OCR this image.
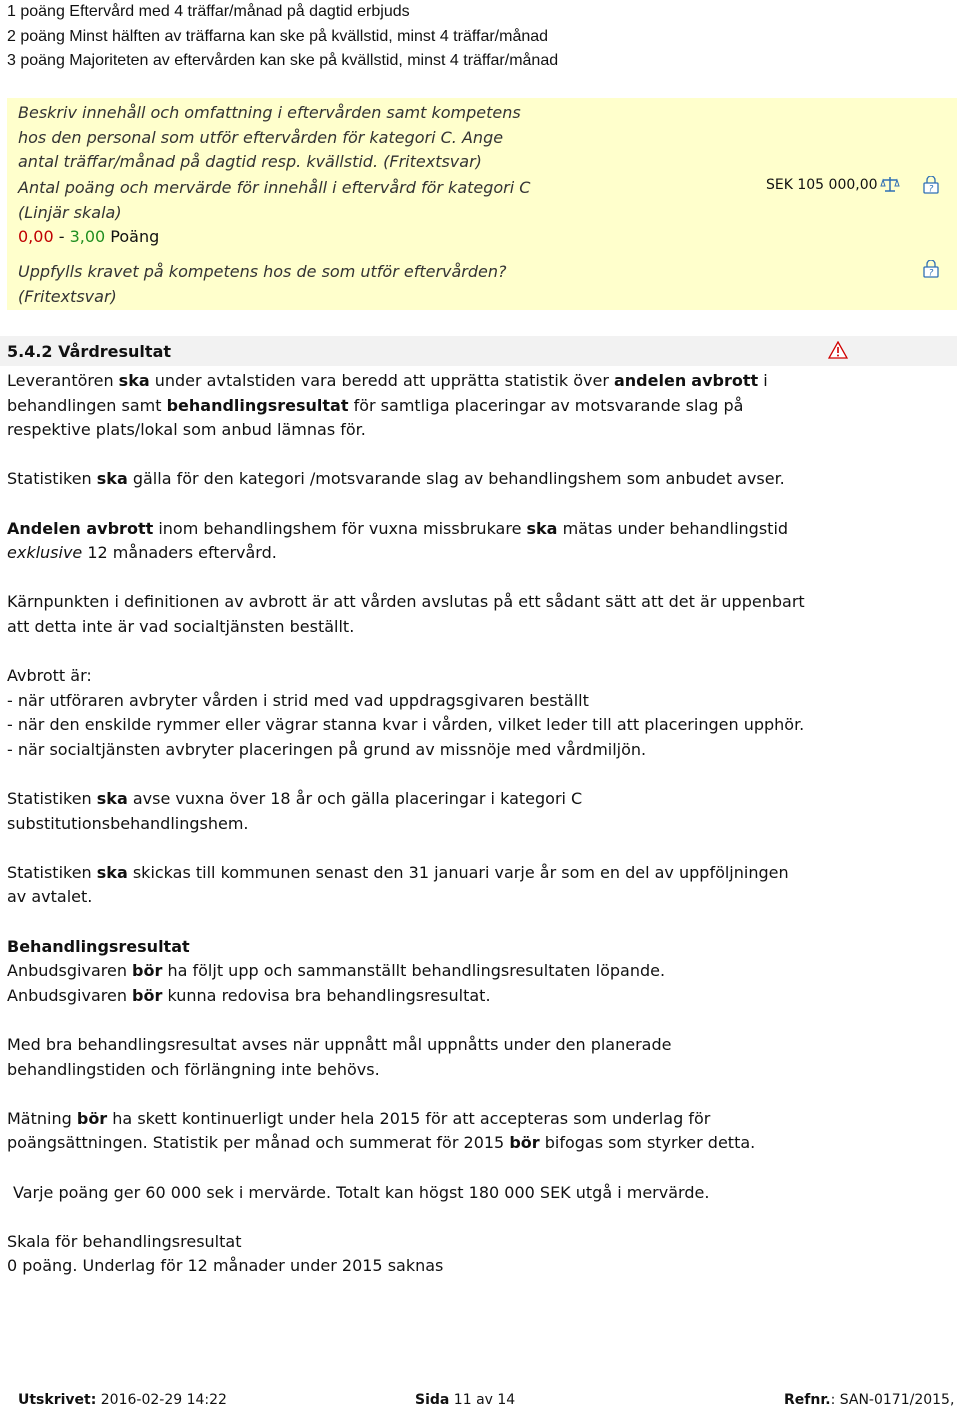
1 poäng Eftervård med 4 träffar/månad på dagtid erbjuds
2 poäng Minst hälften av träffarna kan ske på kvällstid, minst 4 träffar/månad
3 poäng Majoriteten av eftervården kan ske på kvällstid, minst 4 träffar/månad
Beskriv innehåll och omfattning i eftervården samt kompetens
hos den personal som utför eftervården för kategori C. Ange
antal träffar/månad på dagtid resp. kvällstid. (Fritextsvar)
Antal poäng och mervärde för innehåll i eftervård för kategori C
(Linjär skala)
0,00 - 3,00 Poäng
SEK 105 000,00	?
Uppfylls kravet på kompetens hos de som utför eftervården?
(Fritextsvar)
?
5.4.2 Vårdresultat

Leverantören ska under avtalstiden vara beredd att upprätta statistik över andelen avbrott i behandlingen samt behandlingsresultat för samtliga placeringar av motsvarande slag på respektive plats/lokal som anbud lämnas för.

Statistiken ska gälla för den kategori /motsvarande slag av behandlingshem som anbudet avser.

Andelen avbrott inom behandlingshem för vuxna missbrukare ska mätas under behandlingstid exklusive 12 månaders eftervård.

Kärnpunkten i definitionen av avbrott är att vården avslutas på ett sådant sätt att det är uppenbart att detta inte är vad socialtjänsten beställt.

Avbrott är:
- när utföraren avbryter vården i strid med vad uppdragsgivaren beställt
- när den enskilde rymmer eller vägrar stanna kvar i vården, vilket leder till att placeringen upphör.
- när socialtjänsten avbryter placeringen på grund av missnöje med vårdmiljön.

Statistiken ska avse vuxna över 18 år och gälla placeringar i kategori C substitutionsbehandlingshem.

Statistiken ska skickas till kommunen senast den 31 januari varje år som en del av uppföljningen av avtalet.

Behandlingsresultat
Anbudsgivaren bör ha följt upp och sammanställt behandlingsresultaten löpande.
Anbudsgivaren bör kunna redovisa bra behandlingsresultat.

Med bra behandlingsresultat avses när uppnått mål uppnåtts under den planerade behandlingstiden och förlängning inte behövs.

Mätning bör ha skett kontinuerligt under hela 2015 för att accepteras som underlag för poängsättningen. Statistik per månad och summerat för 2015 bör bifogas som styrker detta.

Varje poäng ger 60 000 sek i mervärde. Totalt kan högst 180 000 SEK utgå i mervärde.

Skala för behandlingsresultat
0 poäng. Underlag för 12 månader under 2015 saknas

Utskrivet: 2016-02-29 14:22	Sida 11 av 14	Refnr.: SAN-0171/2015,
